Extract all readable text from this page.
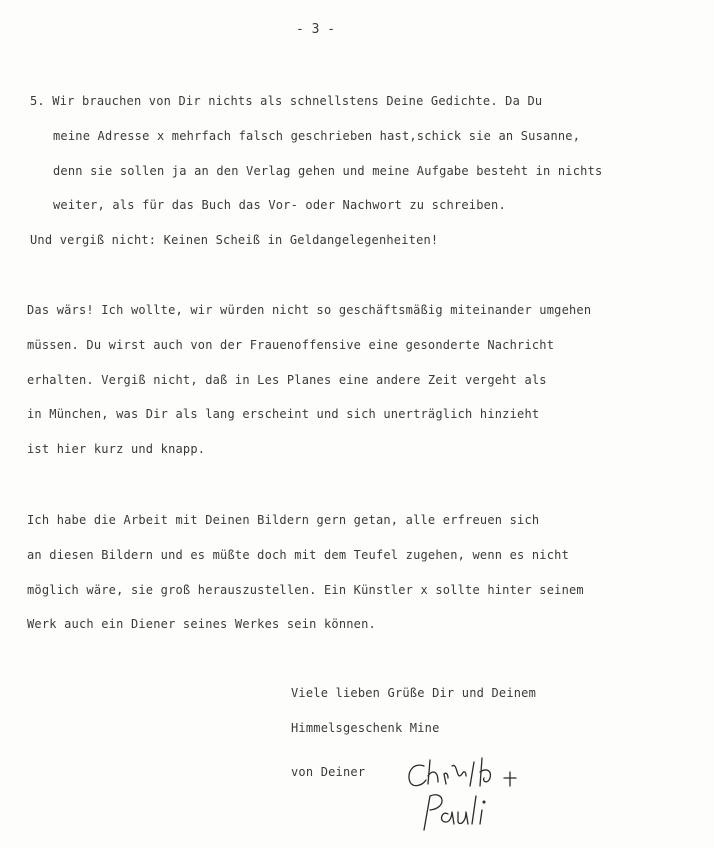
- 3 -
5. Wir brauchen von Dir nichts als schnellstens Deine Gedichte. Da Du
meine Adresse x mehrfach falsch geschrieben hast,schick sie an Susanne,
denn sie sollen ja an den Verlag gehen und meine Aufgabe besteht in nichts
weiter, als für das Buch das Vor- oder Nachwort zu schreiben.
Und vergiß nicht: Keinen Scheiß in Geldangelegenheiten!
Das wärs! Ich wollte, wir würden nicht so geschäftsmäßig miteinander umgehen
müssen. Du wirst auch von der Frauenoffensive eine gesonderte Nachricht
erhalten. Vergiß nicht, daß in Les Planes eine andere Zeit vergeht als
in München, was Dir als lang erscheint und sich unerträglich hinzieht
ist hier kurz und knapp.
Ich habe die Arbeit mit Deinen Bildern gern getan, alle erfreuen sich
an diesen Bildern und es müßte doch mit dem Teufel zugehen, wenn es nicht
möglich wäre, sie groß herauszustellen. Ein Künstler x sollte hinter seinem
Werk auch ein Diener seines Werkes sein können.
Viele lieben Grüße Dir und Deinem
Himmelsgeschenk Mine
von Deiner
